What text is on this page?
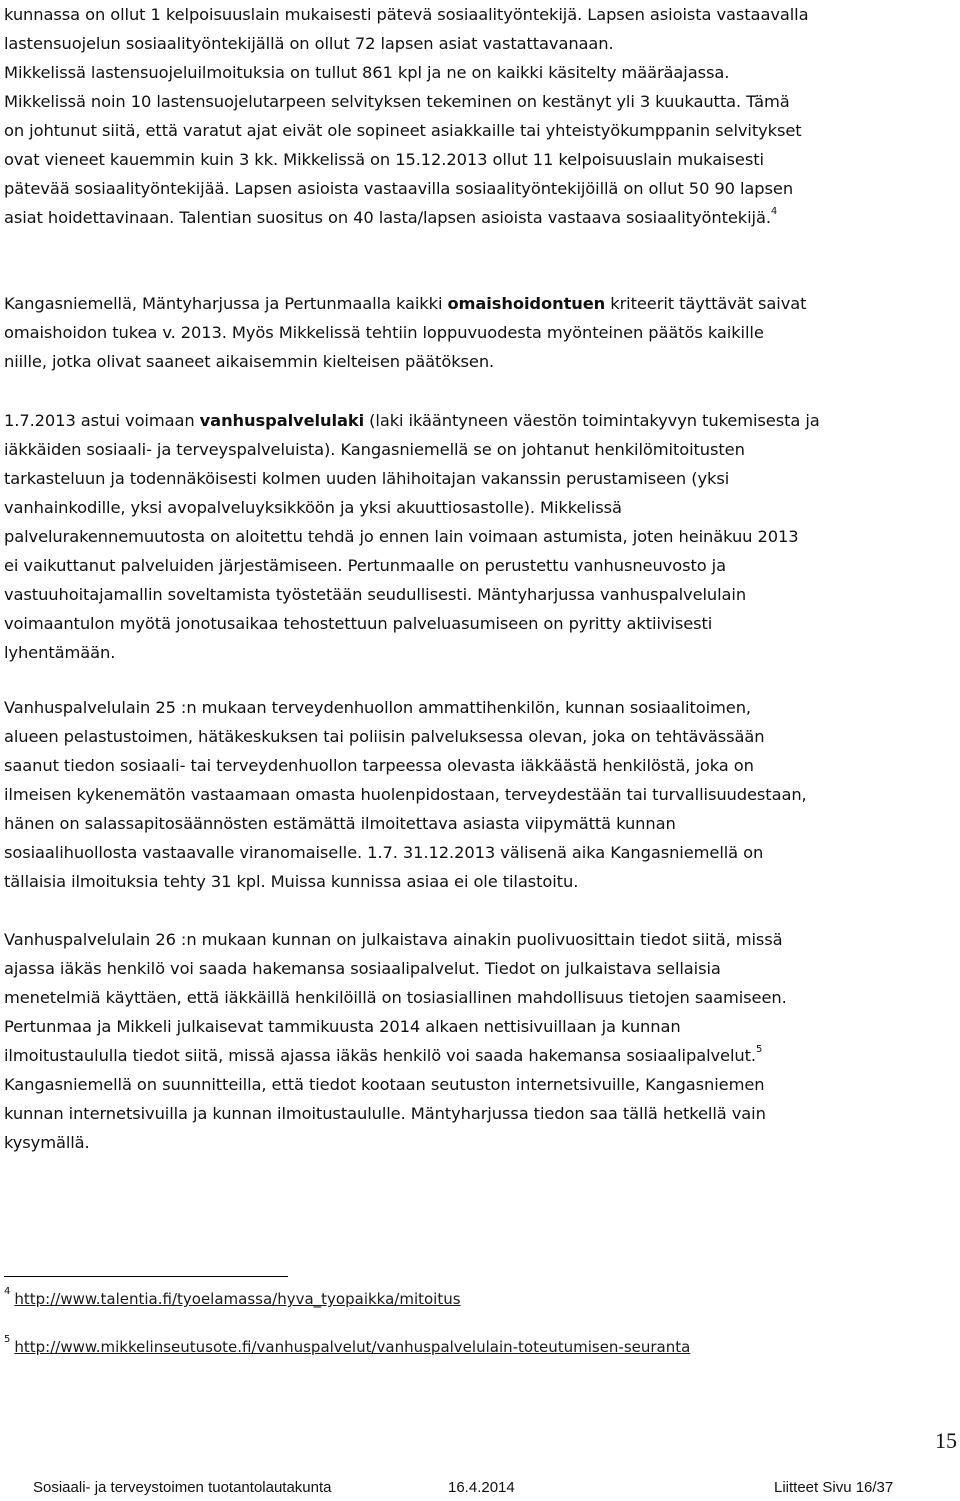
kunnassa on ollut 1 kelpoisuuslain mukaisesti pätevä sosiaalityöntekijä. Lapsen asioista vastaavalla
lastensuojelun sosiaalityöntekijällä on ollut 72 lapsen asiat vastattavanaan.
Mikkelissä lastensuojeluilmoituksia on tullut 861 kpl ja ne on kaikki käsitelty määräajassa.
Mikkelissä noin 10 lastensuojelutarpeen selvityksen tekeminen on kestänyt yli 3 kuukautta. Tämä
on johtunut siitä, että varatut ajat eivät ole sopineet asiakkaille tai yhteistyökumppanin selvitykset
ovat vieneet kauemmin kuin 3 kk. Mikkelissä on 15.12.2013 ollut 11 kelpoisuuslain mukaisesti
pätevää sosiaalityöntekijää. Lapsen asioista vastaavilla sosiaalityöntekijöillä on ollut 50 90 lapsen
asiat hoidettavinaan. Talentian suositus on 40 lasta/lapsen asioista vastaava sosiaalityöntekijä.$^4$
Kangasniemellä, Mäntyharjussa ja Pertunmaalla kaikki omaishoidontuen kriteerit täyttävät saivat
omaishoidon tukea v. 2013. Myös Mikkelissä tehtiin loppuvuodesta myönteinen päätös kaikille
niille, jotka olivat saaneet aikaisemmin kielteisen päätöksen.
1.7.2013 astui voimaan vanhuspalvelulaki (laki ikääntyneen väestön toimintakyvyn tukemisesta ja
iäkkäiden sosiaali- ja terveyspalveluista). Kangasniemellä se on johtanut henkilömitoitusten
tarkasteluun ja todennäköisesti kolmen uuden lähihoitajan vakanssin perustamiseen (yksi
vanhainkodille, yksi avopalveluyksikköön ja yksi akuuttiosastolle). Mikkelissä
palvelurakennemuutosta on aloitettu tehdä jo ennen lain voimaan astumista, joten heinäkuu 2013
ei vaikuttanut palveluiden järjestämiseen. Pertunmaalle on perustettu vanhusneuvosto ja
vastuuhoitajamallin soveltamista työstetään seudullisesti. Mäntyharjussa vanhuspalvelulain
voimaantulon myötä jonotusaikaa tehostettuun palveluasumiseen on pyritty aktiivisesti
lyhentämään.
Vanhuspalvelulain 25 :n mukaan terveydenhuollon ammattihenkilön, kunnan sosiaalitoimen,
alueen pelastustoimen, hätäkeskuksen tai poliisin palveluksessa olevan, joka on tehtävässään
saanut tiedon sosiaali- tai terveydenhuollon tarpeessa olevasta iäkkäästä henkilöstä, joka on
ilmeisen kykenemätön vastaamaan omasta huolenpidostaan, terveydestään tai turvallisuudestaan,
hänen on salassapitosäännösten estämättä ilmoitettava asiasta viipymättä kunnan
sosiaalihuollosta vastaavalle viranomaiselle. 1.7. 31.12.2013 välisenä aika Kangasniemellä on
tällaisia ilmoituksia tehty 31 kpl. Muissa kunnissa asiaa ei ole tilastoitu.
Vanhuspalvelulain 26 :n mukaan kunnan on julkaistava ainakin puolivuosittain tiedot siitä, missä
ajassa iäkäs henkilö voi saada hakemansa sosiaalipalvelut. Tiedot on julkaistava sellaisia
menetelmiä käyttäen, että iäkkäillä henkilöillä on tosiasiallinen mahdollisuus tietojen saamiseen.
Pertunmaa ja Mikkeli julkaisevat tammikuusta 2014 alkaen nettisivuillaan ja kunnan
ilmoitustaululla tiedot siitä, missä ajassa iäkäs henkilö voi saada hakemansa sosiaalipalvelut.$^5$
Kangasniemellä on suunnitteilla, että tiedot kootaan seutuston internetsivuille, Kangasniemen
kunnan internetsivuilla ja kunnan ilmoitustaululle. Mäntyharjussa tiedon saa tällä hetkellä vain
kysymällä.
$^4$ http://www.talentia.fi/tyoelamassa/hyva_tyopaikka/mitoitus
$^5$ http://www.mikkelinseutusote.fi/vanhuspalvelut/vanhuspalvelulain-toteutumisen-seuranta
15
Sosiaali- ja terveystoimen tuotantolautakunta	16.4.2014	Liitteet Sivu 16/37
